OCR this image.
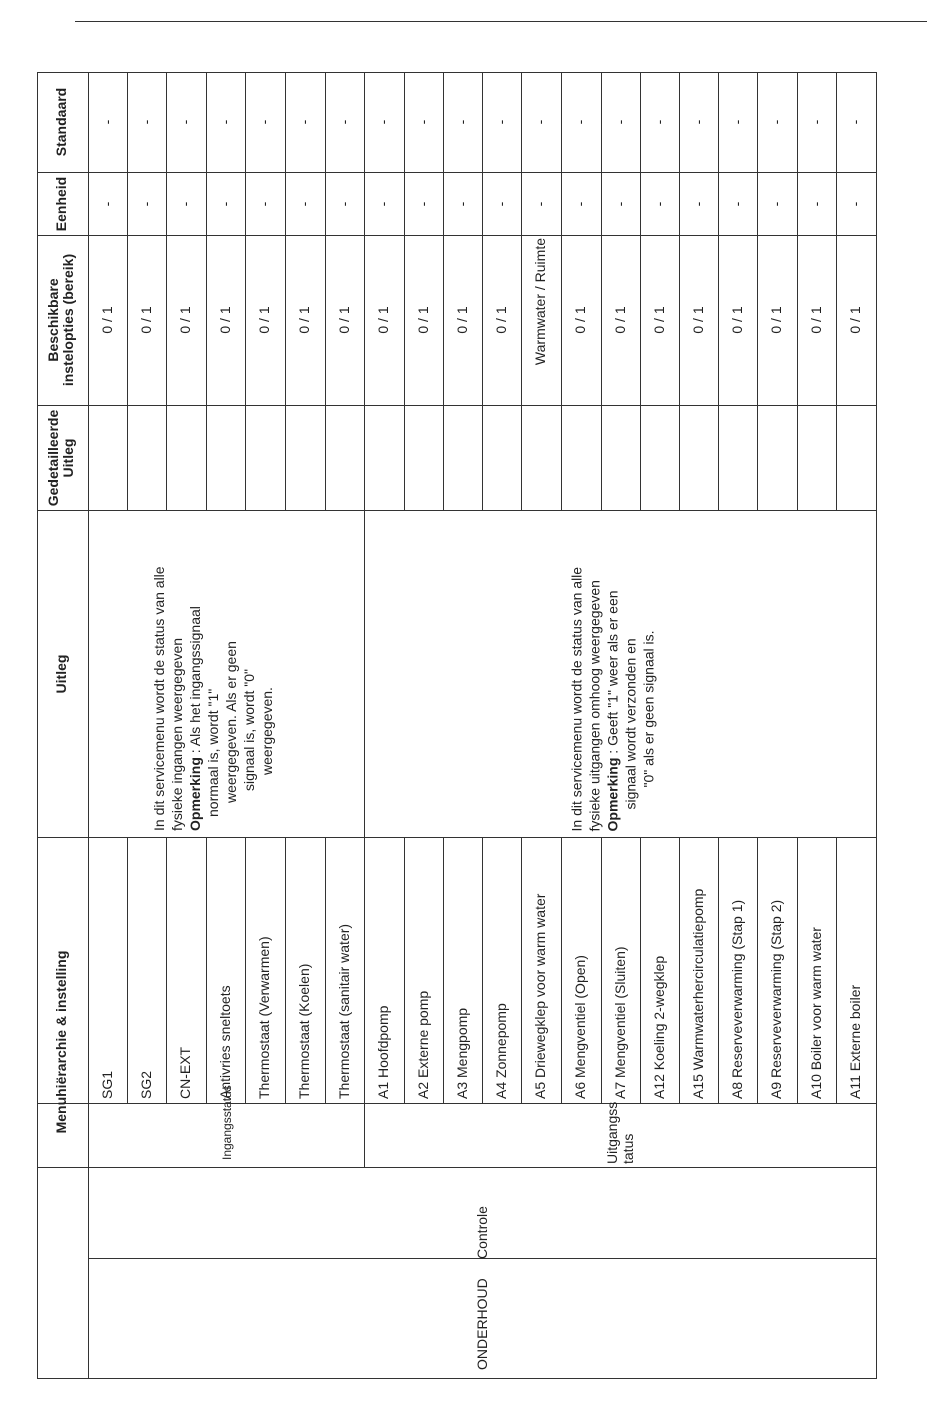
Standaard
Eenheid
Beschikbare
instelopties (bereik)
Gedetailleerde
Uitleg
Uitleg
Menuhiërarchie & instelling
ONDERHOUD
Controle
Ingangsstatus	Uitgangss
tatus
SG1
0 / 1
-
-
SG2
0 / 1
-
-
CN-EXT
0 / 1
-
-
Antivries sneltoets
0 / 1
-
-
Thermostaat (Verwarmen)
0 / 1
-
-
Thermostaat (Koelen)
0 / 1
-
-
Thermostaat (sanitair water)
0 / 1
-
-
A1 Hoofdpomp
0 / 1
-
-
A2 Externe pomp
0 / 1
-
-
A3 Mengpomp
0 / 1
-
-
A4 Zonnepomp
0 / 1
-
-
A5 Driewegklep voor warm water
Warmwater / Ruimte
-
-
A6 Mengventiel (Open)
0 / 1
-
-
A7 Mengventiel (Sluiten)
0 / 1
-
-
A12 Koeling 2-wegklep
0 / 1
-
-
A15 Warmwaterhercirculatiepomp
0 / 1
-
-
A8 Reserveverwarming (Stap 1)
0 / 1
-
-
A9 Reserveverwarming (Stap 2)
0 / 1
-
-
A10 Boiler voor warm water
0 / 1
-
-
A11 Externe boiler
0 / 1
-
-
In dit servicemenu wordt de status van alle fysieke ingangen weergegeven Opmerking : Als het ingangssignaal normaal is, wordt "1" weergegeven. Als er geen signaal is, wordt "0" weergegeven.	In dit servicemenu wordt de status van alle fysieke uitgangen omhoog weergegeven Opmerking : Geeft "1" weer als er een signaal wordt verzonden en "0" als er geen signaal is.
